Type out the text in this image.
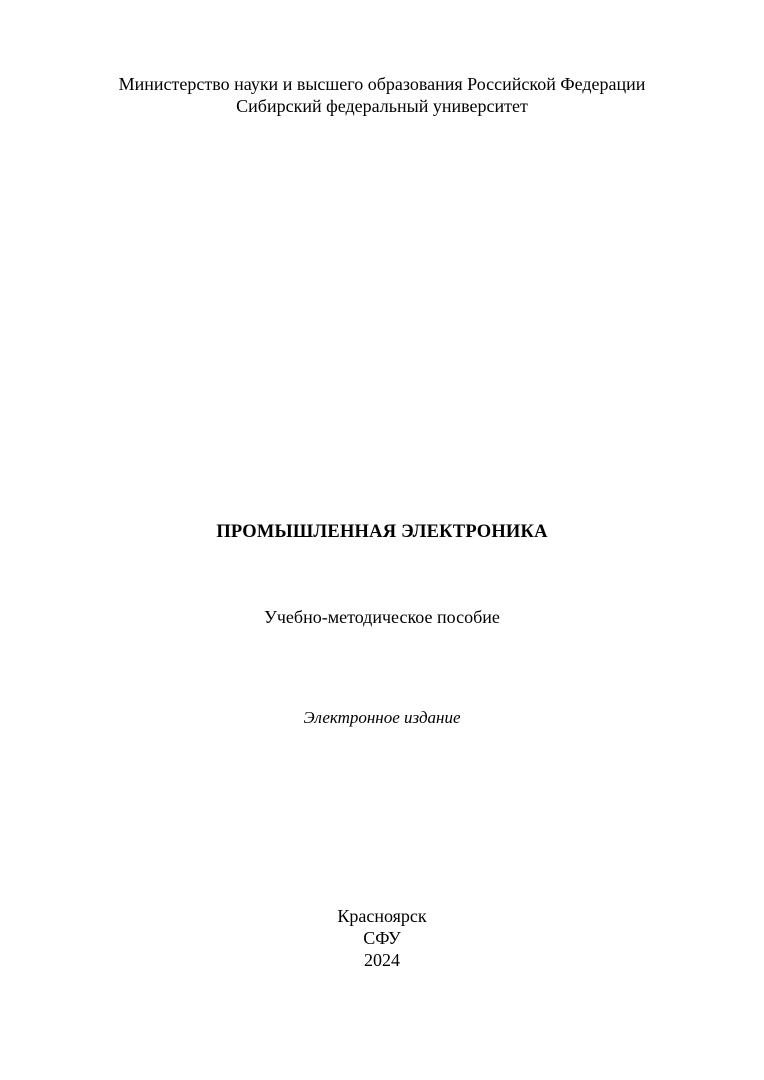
Министерство науки и высшего образования Российской Федерации
Сибирский федеральный университет
ПРОМЫШЛЕННАЯ ЭЛЕКТРОНИКА
Учебно-методическое пособие
Электронное издание
Красноярск
СФУ
2024
